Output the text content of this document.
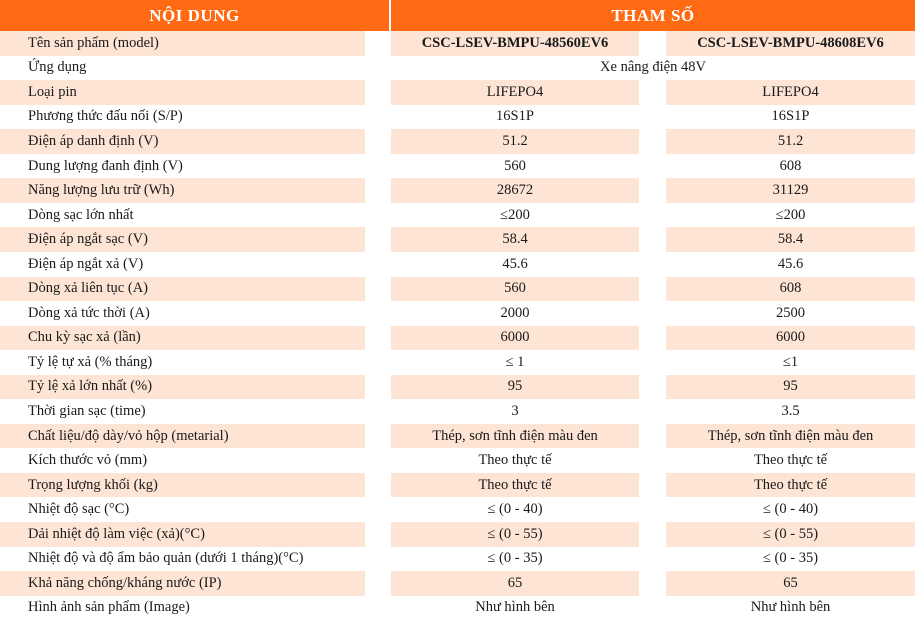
NỘI DUNG	THAM SỐ
Tên sản phẩm (model)	CSC-LSEV-BMPU-48560EV6	CSC-LSEV-BMPU-48608EV6
Ứng dụng	Xe nâng điện 48V
Loại pin	LIFEPO4	LIFEPO4
Phương thức đấu nối (S/P)	16S1P	16S1P
Điện áp danh định (V)	51.2	51.2
Dung lượng đanh định (V)	560	608
Năng lượng lưu trữ (Wh)	28672	31129
Dòng sạc lớn nhất	≤200	≤200
Điện áp ngắt sạc (V)	58.4	58.4
Điện áp ngắt xả (V)	45.6	45.6
Dòng xả liên tục (A)	560	608
Dòng xả tức thời (A)	2000	2500
Chu kỳ sạc xả (lần)	6000	6000
Tỷ lệ tự xả (% tháng)	≤ 1	≤1
Tỷ lệ xả lớn nhất (%)	95	95
Thời gian sạc (time)	3	3.5
Chất liệu/độ dày/vỏ hộp (metarial)	Thép, sơn tĩnh điện màu đen	Thép, sơn tĩnh điện màu đen
Kích thước vỏ (mm)	Theo thực tế	Theo thực tế
Trọng lượng khối (kg)	Theo thực tế	Theo thực tế
Nhiệt độ sạc (°C)	≤ (0 - 40)	≤ (0 - 40)
Dải nhiệt độ làm việc (xả)(°C)	≤ (0 - 55)	≤ (0 - 55)
Nhiệt độ và độ ẩm bảo quản (dưới 1 tháng)(°C)	≤ (0 - 35)	≤ (0 - 35)
Khả năng chống/kháng nước (IP)	65	65
Hình ảnh sản phẩm (Image)	Như hình bên	Như hình bên
